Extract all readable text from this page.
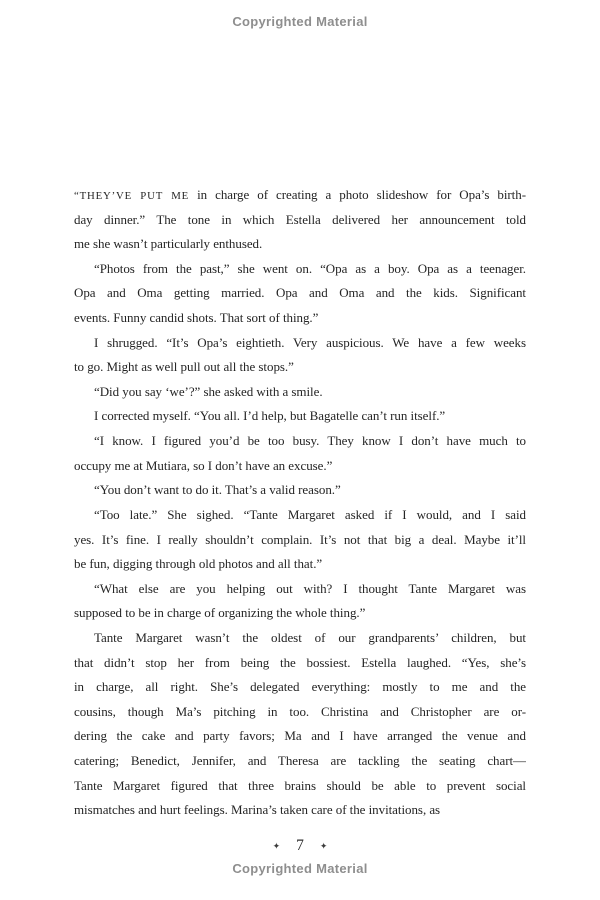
Copyrighted Material
“THEY’VE PUT ME in charge of creating a photo slideshow for Opa’s birth-
day dinner.” The tone in which Estella delivered her announcement told
me she wasn’t particularly enthused.
“Photos from the past,” she went on. “Opa as a boy. Opa as a teenager.
Opa and Oma getting married. Opa and Oma and the kids. Significant
events. Funny candid shots. That sort of thing.”
I shrugged. “It’s Opa’s eightieth. Very auspicious. We have a few weeks
to go. Might as well pull out all the stops.”
“Did you say ‘we’?” she asked with a smile.
I corrected myself. “You all. I’d help, but Bagatelle can’t run itself.”
“I know. I figured you’d be too busy. They know I don’t have much to
occupy me at Mutiara, so I don’t have an excuse.”
“You don’t want to do it. That’s a valid reason.”
“Too late.” She sighed. “Tante Margaret asked if I would, and I said
yes. It’s fine. I really shouldn’t complain. It’s not that big a deal. Maybe it’ll
be fun, digging through old photos and all that.”
“What else are you helping out with? I thought Tante Margaret was
supposed to be in charge of organizing the whole thing.”
Tante Margaret wasn’t the oldest of our grandparents’ children, but
that didn’t stop her from being the bossiest. Estella laughed. “Yes, she’s
in charge, all right. She’s delegated everything: mostly to me and the
cousins, though Ma’s pitching in too. Christina and Christopher are or-
dering the cake and party favors; Ma and I have arranged the venue and
catering; Benedict, Jennifer, and Theresa are tackling the seating chart—
Tante Margaret figured that three brains should be able to prevent social
mismatches and hurt feelings. Marina’s taken care of the invitations, as
✦ 7 ✦
Copyrighted Material
